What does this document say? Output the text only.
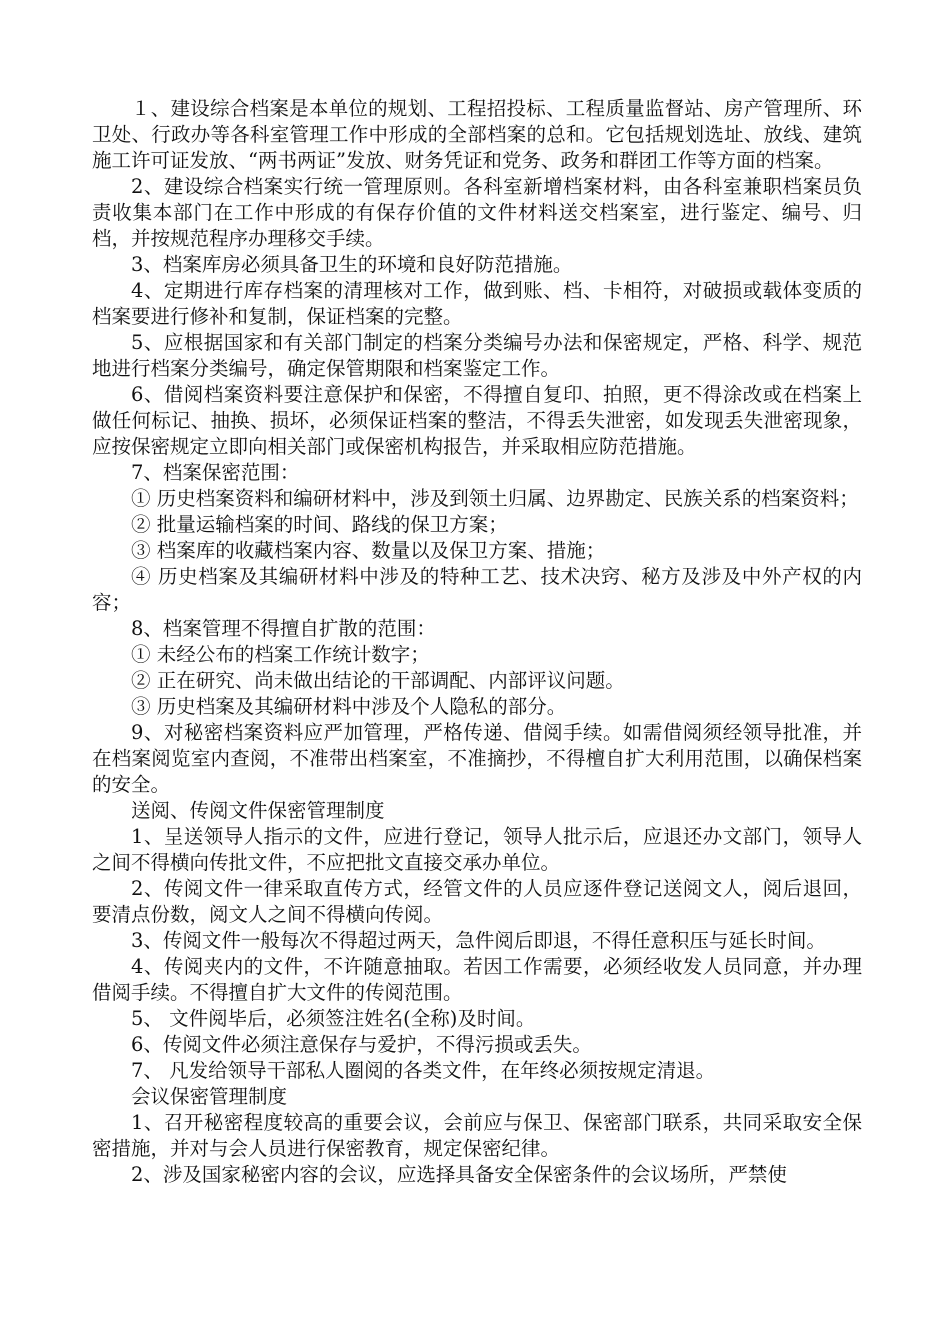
１、建设综合档案是本单位的规划、工程招投标、工程质量监督站、房产管理所、环卫处、行政办等各科室管理工作中形成的全部档案的总和。它包括规划选址、放线、建筑施工许可证发放、“两书两证”发放、财务凭证和党务、政务和群团工作等方面的档案。

2、建设综合档案实行统一管理原则。各科室新增档案材料，由各科室兼职档案员负责收集本部门在工作中形成的有保存价值的文件材料送交档案室，进行鉴定、编号、归档，并按规范程序办理移交手续。

3、档案库房必须具备卫生的环境和良好防范措施。

4、定期进行库存档案的清理核对工作，做到账、档、卡相符，对破损或载体变质的档案要进行修补和复制，保证档案的完整。

5、应根据国家和有关部门制定的档案分类编号办法和保密规定，严格、科学、规范地进行档案分类编号，确定保管期限和档案鉴定工作。

6、借阅档案资料要注意保护和保密，不得擅自复印、拍照，更不得涂改或在档案上做任何标记、抽换、损坏，必须保证档案的整洁，不得丢失泄密，如发现丢失泄密现象，应按保密规定立即向相关部门或保密机构报告，并采取相应防范措施。

7、档案保密范围：

① 历史档案资料和编研材料中，涉及到领土归属、边界勘定、民族关系的档案资料；

② 批量运输档案的时间、路线的保卫方案；

③ 档案库的收藏档案内容、数量以及保卫方案、措施；

④ 历史档案及其编研材料中涉及的特种工艺、技术决窍、秘方及涉及中外产权的内容；

8、档案管理不得擅自扩散的范围：

① 未经公布的档案工作统计数字；

② 正在研究、尚未做出结论的干部调配、内部评议问题。

③ 历史档案及其编研材料中涉及个人隐私的部分。

9、对秘密档案资料应严加管理，严格传递、借阅手续。如需借阅须经领导批准，并在档案阅览室内查阅，不准带出档案室，不准摘抄，不得檀自扩大利用范围，以确保档案的安全。

送阅、传阅文件保密管理制度

1、呈送领导人指示的文件，应进行登记，领导人批示后，应退还办文部门，领导人之间不得横向传批文件，不应把批文直接交承办单位。

2、传阅文件一律采取直传方式，经管文件的人员应逐件登记送阅文人，阅后退回，要清点份数，阅文人之间不得横向传阅。

3、传阅文件一般每次不得超过两天，急件阅后即退，不得任意积压与延长时间。

4、传阅夹内的文件，不许随意抽取。若因工作需要，必须经收发人员同意，并办理借阅手续。不得擅自扩大文件的传阅范围。

5、 文件阅毕后，必须签注姓名(全称)及时间。

6、传阅文件必须注意保存与爱护，不得污损或丢失。

7、 凡发给领导干部私人圈阅的各类文件，在年终必须按规定清退。

会议保密管理制度

1、召开秘密程度较高的重要会议，会前应与保卫、保密部门联系，共同采取安全保密措施，并对与会人员进行保密教育，规定保密纪律。

2、涉及国家秘密内容的会议，应选择具备安全保密条件的会议场所，严禁使
